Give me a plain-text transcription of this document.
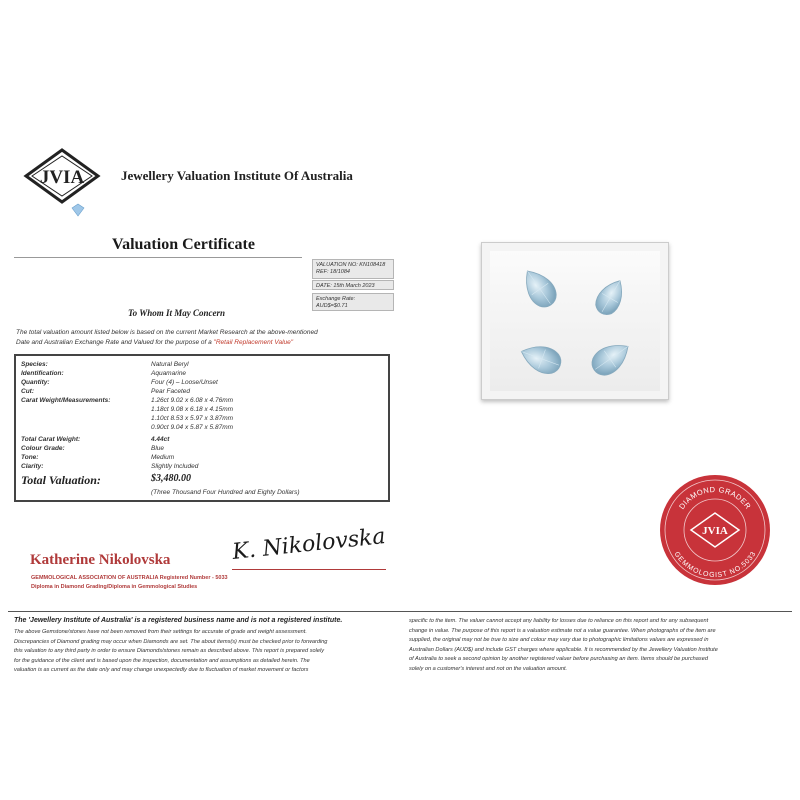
JVIA	Jewellery Valuation Institute Of Australia
Valuation Certificate
VALUATION NO: KN108418
REF: 18/1084
DATE: 15th March 2023
Exchange Rate:
AUD$=$0.71
To Whom It May Concern
The total valuation amount listed below is based on the current Market Research at the above-mentioned
Date and Australian Exchange Rate and Valued for the purpose of a "Retail Replacement Value"
Species:	Natural Beryl
Identification:	Aquamarine
Quantity:	Four (4) – Loose/Unset
Cut:	Pear Faceted
Carat Weight/Measurements:	1.26ct 9.02 x 6.08 x 4.76mm
1.18ct 9.08 x 6.18 x 4.15mm
1.10ct 8.53 x 5.97 x 3.87mm
0.90ct 9.04 x 5.87 x 5.87mm
Total Carat Weight:	4.44ct
Colour Grade:	Blue
Tone:	Medium
Clarity:	Slightly Included
Total Valuation:	$3,480.00
(Three Thousand Four Hundred and Eighty Dollars)
DIAMOND GRADER
GEMMOLOGIST NO.5033
JVIA
Katherine Nikolovska	K. Nikolovska
GEMMOLOGICAL ASSOCIATION OF AUSTRALIA Registered Number - 5033
Diploma in Diamond Grading/Diploma in Gemmological Studies
The 'Jewellery Institute of Australia' is a registered business name and is not a registered institute.
The above Gemstone/stones have not been removed from their settings for accurate of grade and weight assessment.
Discrepancies of Diamond grading may occur when Diamonds are set. The about items(s) must be checked prior to forwarding
this valuation to any third party in order to ensure Diamonds/stones remain as described above. This report is prepared solely
for the guidance of the client and is based upon the inspection, documentation and assumptions as detailed herein. The
valuation is as current as the date only and may change unexpectedly due to fluctuation of market movement or factors
specific to the item. The valuer cannot accept any liability for losses due to reliance on this report and for any subsequent
change in value. The purpose of this report is a valuation estimate not a value guarantee. When photographs of the item are
supplied, the original may not be true to size and colour may vary due to photographic limitations values are expressed in
Australian Dollars (AUD$) and include GST charges where applicable. It is recommended by the Jewellery Valuation Institute
of Australia to seek a second opinion by another registered valuer before purchasing an item. Items should be purchased
solely on a customer's interest and not on the valuation amount.
